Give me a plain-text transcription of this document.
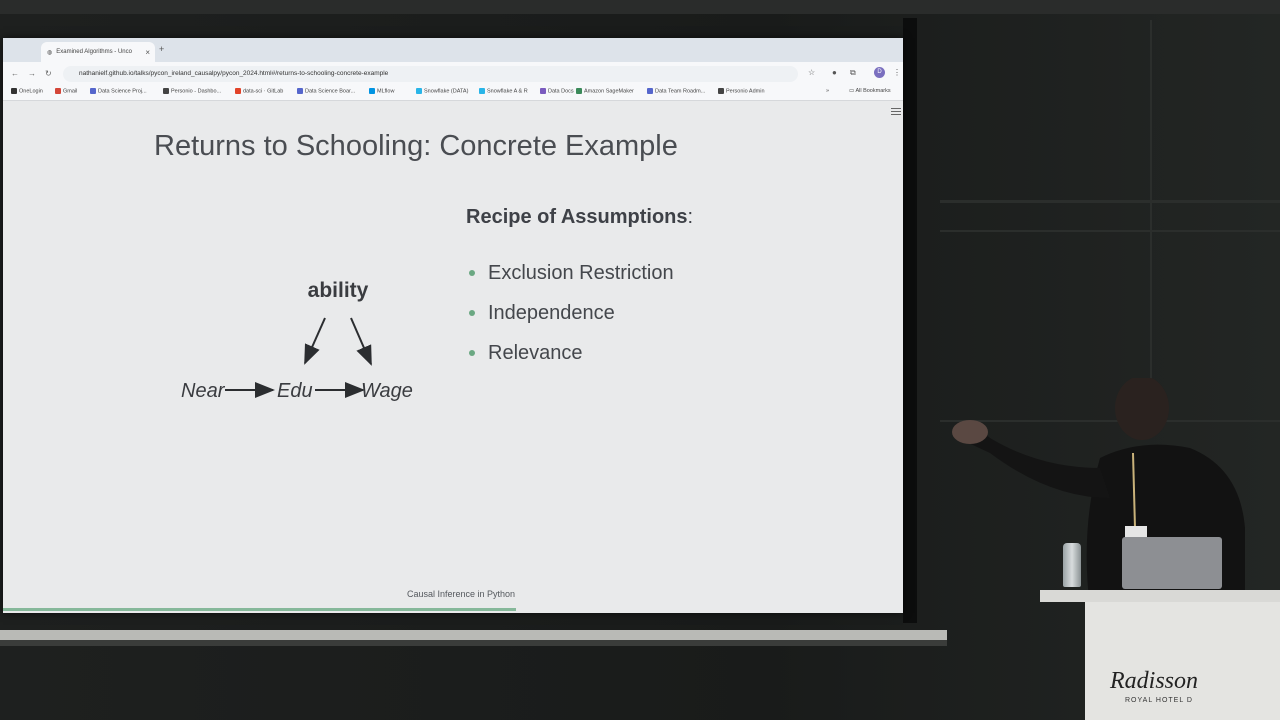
◍ Examined Algorithms - Unco × +
← → ↻	nathanielf.github.io/talks/pycon_ireland_causalpy/pycon_2024.html#/returns-to-schooling-concrete-example	☆ ● ⧉	D	⋮
»	▭ All Bookmarks
OneLogin	Gmail	Data Science Proj...	Personio - Dashbo...	data-sci · GitLab	Data Science Boar...	MLflow	Snowflake (DATA)	Snowflake A & R	Data Docs	Amazon SageMaker	Data Team Roadm...	Personio Admin
Returns to Schooling: Concrete Example
ability
Near	Edu Wage
Recipe of Assumptions:
Exclusion Restriction
Independence
Relevance
Causal Inference in Python
Radisson
ROYAL HOTEL D
